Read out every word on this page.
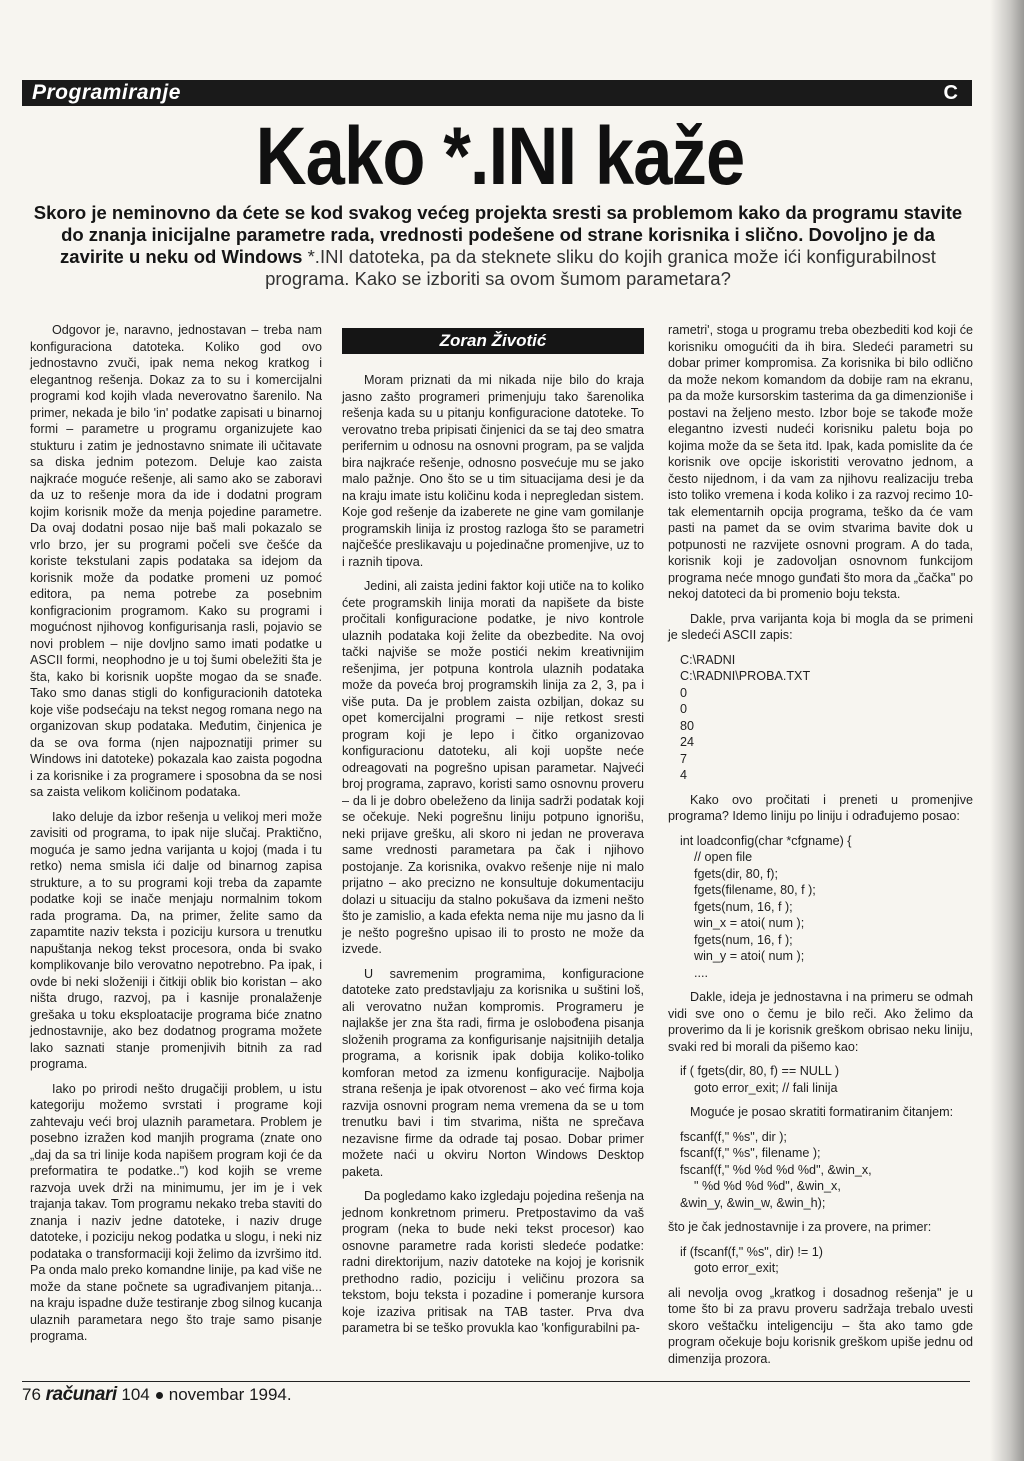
Programiranje	C
Kako *.INI kaže
Skoro je neminovno da ćete se kod svakog većeg projekta sresti sa problemom kako da programu stavite do znanja inicijalne parametre rada, vrednosti podešene od strane korisnika i slično. Dovoljno je da zavirite u neku od Windows *.INI datoteka, pa da steknete sliku do kojih granica može ići konfigurabilnost programa. Kako se izboriti sa ovom šumom parametara?

Odgovor je, naravno, jednostavan – treba nam konfiguraciona datoteka. Koliko god ovo jednostavno zvuči, ipak nema nekog kratkog i elegantnog rešenja. Dokaz za to su i komercijalni programi kod kojih vlada neverovatno šarenilo. Na primer, nekada je bilo 'in' podatke zapisati u binarnoj formi – parametre u programu organizujete kao stukturu i zatim je jednostavno snimate ili učitavate sa diska jednim potezom. Deluje kao zaista najkraće moguće rešenje, ali samo ako se zaboravi da uz to rešenje mora da ide i dodatni program kojim korisnik može da menja pojedine parametre. Da ovaj dodatni posao nije baš mali pokazalo se vrlo brzo, jer su programi počeli sve češće da koriste tekstulani zapis podataka sa idejom da korisnik može da podatke promeni uz pomoć editora, pa nema potrebe za posebnim konfigracionim programom. Kako su programi i mogućnost njihovog konfigurisanja rasli, pojavio se novi problem – nije dovljno samo imati podatke u ASCII formi, neophodno je u toj šumi obeležiti šta je šta, kako bi korisnik uopšte mogao da se snađe. Tako smo danas stigli do konfiguracionih datoteka koje više podsećaju na tekst negog romana nego na organizovan skup podataka. Međutim, činjenica je da se ova forma (njen najpoznatiji primer su Windows ini datoteke) pokazala kao zaista pogodna i za korisnike i za programere i sposobna da se nosi sa zaista velikom količinom podataka.

Iako deluje da izbor rešenja u velikoj meri može zavisiti od programa, to ipak nije slučaj. Praktično, moguća je samo jedna varijanta u kojoj (mada i tu retko) nema smisla ići dalje od binarnog zapisa strukture, a to su programi koji treba da zapamte podatke koji se inače menjaju normalnim tokom rada programa. Da, na primer, želite samo da zapamtite naziv teksta i poziciju kursora u trenutku napuštanja nekog tekst procesora, onda bi svako komplikovanje bilo verovatno nepotrebno. Pa ipak, i ovde bi neki složeniji i čitkiji oblik bio koristan – ako ništa drugo, razvoj, pa i kasnije pronalaženje grešaka u toku eksploatacije programa biće znatno jednostavnije, ako bez dodatnog programa možete lako saznati stanje promenjivih bitnih za rad programa.

Iako po prirodi nešto drugačiji problem, u istu kategoriju možemo svrstati i programe koji zahtevaju veći broj ulaznih parametara. Problem je posebno izražen kod manjih programa (znate ono „daj da sa tri linije koda napišem program koji će da preformatira te podatke..") kod kojih se vreme razvoja uvek drži na minimumu, jer im je i vek trajanja takav. Tom programu nekako treba staviti do znanja i naziv jedne datoteke, i naziv druge datoteke, i poziciju nekog podatka u slogu, i neki niz podataka o transformaciji koji želimo da izvršimo itd. Pa onda malo preko komandne linije, pa kad više ne može da stane počnete sa ugrađivanjem pitanja... na kraju ispadne duže testiranje zbog silnog kucanja ulaznih parametara nego što traje samo pisanje programa.

Zoran Životić

Moram priznati da mi nikada nije bilo do kraja jasno zašto programeri primenjuju tako šarenolika rešenja kada su u pitanju konfiguracione datoteke. To verovatno treba pripisati činjenici da se taj deo smatra perifernim u odnosu na osnovni program, pa se valjda bira najkraće rešenje, odnosno posvećuje mu se jako malo pažnje. Ono što se u tim situacijama desi je da na kraju imate istu količinu koda i nepregledan sistem. Koje god rešenje da izaberete ne gine vam gomilanje programskih linija iz prostog razloga što se parametri najčešće preslikavaju u pojedinačne promenjive, uz to i raznih tipova.

Jedini, ali zaista jedini faktor koji utiče na to koliko ćete programskih linija morati da napišete da biste pročitali konfiguracione podatke, je nivo kontrole ulaznih podataka koji želite da obezbedite. Na ovoj tački najviše se može postići nekim kreativnijim rešenjima, jer potpuna kontrola ulaznih podataka može da poveća broj programskih linija za 2, 3, pa i više puta. Da je problem zaista ozbiljan, dokaz su opet komercijalni programi – nije retkost sresti program koji je lepo i čitko organizovao konfiguracionu datoteku, ali koji uopšte neće odreagovati na pogrešno upisan parametar. Najveći broj programa, zapravo, koristi samo osnovnu proveru – da li je dobro obeleženo da linija sadrži podatak koji se očekuje. Neki pogrešnu liniju potpuno ignorišu, neki prijave grešku, ali skoro ni jedan ne proverava same vrednosti parametara pa čak i njihovo postojanje. Za korisnika, ovakvo rešenje nije ni malo prijatno – ako precizno ne konsultuje dokumentaciju dolazi u situaciju da stalno pokušava da izmeni nešto što je zamislio, a kada efekta nema nije mu jasno da li je nešto pogrešno upisao ili to prosto ne može da izvede.

U savremenim programima, konfiguracione datoteke zato predstavljaju za korisnika u suštini loš, ali verovatno nužan kompromis. Programeru je najlakše jer zna šta radi, firma je oslobođena pisanja složenih programa za konfigurisanje najsitnijih detalja programa, a korisnik ipak dobija koliko-toliko komforan metod za izmenu konfiguracije. Najbolja strana rešenja je ipak otvorenost – ako već firma koja razvija osnovni program nema vremena da se u tom trenutku bavi i tim stvarima, ništa ne sprečava nezavisne firme da odrade taj posao. Dobar primer možete naći u okviru Norton Windows Desktop paketa.

Da pogledamo kako izgledaju pojedina rešenja na jednom konkretnom primeru. Pretpostavimo da vaš program (neka to bude neki tekst procesor) kao osnovne parametre rada koristi sledeće podatke: radni direktorijum, naziv datoteke na kojoj je korisnik prethodno radio, poziciju i veličinu prozora sa tekstom, boju teksta i pozadine i pomeranje kursora koje izaziva pritisak na TAB taster. Prva dva parametra bi se teško provukla kao 'konfigurabilni pa-

rametri', stoga u programu treba obezbediti kod koji će korisniku omogućiti da ih bira. Sledeći parametri su dobar primer kompromisa. Za korisnika bi bilo odlično da može nekom komandom da dobije ram na ekranu, pa da može kursorskim tasterima da ga dimenzioniše i postavi na željeno mesto. Izbor boje se takođe može elegantno izvesti nudeći korisniku paletu boja po kojima može da se šeta itd. Ipak, kada pomislite da će korisnik ove opcije iskoristiti verovatno jednom, a često nijednom, i da vam za njihovu realizaciju treba isto toliko vremena i koda koliko i za razvoj recimo 10-tak elementarnih opcija programa, teško da će vam pasti na pamet da se ovim stvarima bavite dok u potpunosti ne razvijete osnovni program. A do tada, korisnik koji je zadovoljan osnovnom funkcijom programa neće mnogo gunđati što mora da „čačka" po nekoj datoteci da bi promenio boju teksta.

Dakle, prva varijanta koja bi mogla da se primeni je sledeći ASCII zapis:

C:\RADNI
C:\RADNI\PROBA.TXT
0
0
80
24
7
4

Kako ovo pročitati i preneti u promenjive programa? Idemo liniju po liniju i odrađujemo posao:

int loadconfig(char *cfgname) {
// open file
fgets(dir, 80, f);
fgets(filename, 80, f );
fgets(num, 16, f );
win_x = atoi( num );
fgets(num, 16, f );
win_y = atoi( num );
....

Dakle, ideja je jednostavna i na primeru se odmah vidi sve ono o čemu je bilo reči. Ako želimo da proverimo da li je korisnik greškom obrisao neku liniju, svaki red bi morali da pišemo kao:

if ( fgets(dir, 80, f) == NULL )
goto error_exit; // fali linija

Moguće je posao skratiti formatiranim čitanjem:

fscanf(f," %s", dir );
fscanf(f," %s", filename );
fscanf(f," %d %d %d %d", &win_x,
" %d %d %d %d", &win_x,
&win_y, &win_w, &win_h);

što je čak jednostavnije i za provere, na primer:

if (fscanf(f," %s", dir) != 1)
goto error_exit;

ali nevolja ovog „kratkog i dosadnog rešenja" je u tome što bi za pravu proveru sadržaja trebalo uvesti skoro veštačku inteligenciju – šta ako tamo gde program očekuje boju korisnik greškom upiše jednu od dimenzija prozora.

76 računari 104 novembar 1994.
